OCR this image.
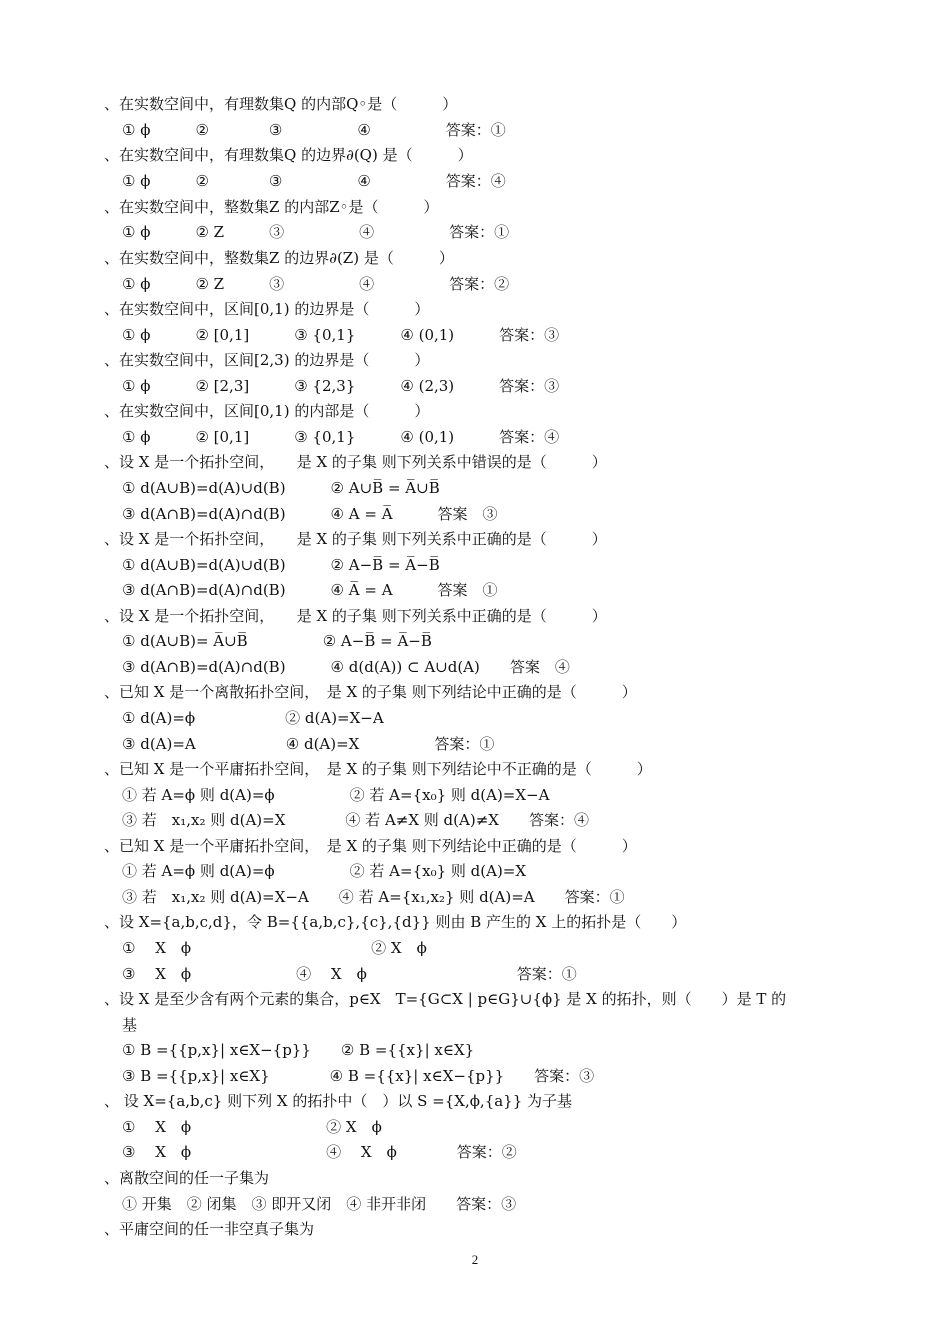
、在实数空间中，有理数集Q 的内部Q◦是（　　　）
① ϕ　　　②　　　　③　　　　　④　　　　　答案：①
、在实数空间中，有理数集Q 的边界∂(Q) 是（　　　）
① ϕ　　　②　　　　③　　　　　④　　　　　答案：④
、在实数空间中，整数集Z 的内部Z◦是（　　　）
① ϕ　　　② Z　　　③　　　　　④　　　　　答案：①
、在实数空间中，整数集Z 的边界∂(Z) 是（　　　）
① ϕ　　　② Z　　　③　　　　　④　　　　　答案：②
、在实数空间中，区间[0,1) 的边界是（　　　）
① ϕ　　　② [0,1]　　　③ {0,1}　　　④ (0,1)　　　答案：③
、在实数空间中，区间[2,3) 的边界是（　　　）
① ϕ　　　② [2,3]　　　③ {2,3}　　　④ (2,3)　　　答案：③
、在实数空间中，区间[0,1) 的内部是（　　　）
① ϕ　　　② [0,1]　　　③ {0,1}　　　④ (0,1)　　　答案：④
、设 X 是一个拓扑空间，　　是 X 的子集 则下列关系中错误的是（　　　）
① d(A∪B)=d(A)∪d(B)　　　② A∪B̅ = A̅∪B̅
③ d(A∩B)=d(A)∩d(B)　　　④ A = A̅　　　答案　③
、设 X 是一个拓扑空间，　　是 X 的子集 则下列关系中正确的是（　　　）
① d(A∪B)=d(A)∪d(B)　　　② A−B̅ = A̅−B̅
③ d(A∩B)=d(A)∩d(B)　　　④ A̅ = A　　　答案　①
、设 X 是一个拓扑空间，　　是 X 的子集 则下列关系中正确的是（　　　）
① d(A∪B)= A̅∪B̅　　　　　② A−B̅ = A̅−B̅
③ d(A∩B)=d(A)∩d(B)　　　④ d(d(A)) ⊂ A∪d(A)　　答案　④
、已知 X 是一个离散拓扑空间，　是 X 的子集 则下列结论中正确的是（　　　）
① d(A)=ϕ　　　　　　② d(A)=X−A
③ d(A)=A　　　　　　④ d(A)=X　　　　　答案：①
、已知 X 是一个平庸拓扑空间，　是 X 的子集 则下列结论中不正确的是（　　　）
① 若 A=ϕ 则 d(A)=ϕ　　　　　② 若 A={x₀} 则 d(A)=X−A
③ 若　x₁,x₂ 则 d(A)=X　　　　④ 若 A≠X 则 d(A)≠X　　答案：④
、已知 X 是一个平庸拓扑空间，　是 X 的子集 则下列结论中正确的是（　　　）
① 若 A=ϕ 则 d(A)=ϕ　　　　　② 若 A={x₀} 则 d(A)=X
③ 若　x₁,x₂ 则 d(A)=X−A　　④ 若 A={x₁,x₂} 则 d(A)=A　　答案：①
、设 X={a,b,c,d}，令 B={{a,b,c},{c},{d}} 则由 B 产生的 X 上的拓扑是（　　）
①　 X　ϕ　　　　　　　　　　　　② X　ϕ
③　 X　ϕ　　　　　　　④　 X　ϕ　　　　　　　　　　答案：①
、设 X 是至少含有两个元素的集合，p∈X　T={G⊂X | p∈G}∪{ϕ} 是 X 的拓扑，则（　　）是 T 的
基
① B ={{p,x}| x∈X−{p}}　　② B ={{x}| x∈X}
③ B ={{p,x}| x∈X}　　　　④ B ={{x}| x∈X−{p}}　　答案：③
、 设 X={a,b,c} 则下列 X 的拓扑中（　）以 S ={X,ϕ,{a}} 为子基
①　 X　ϕ　　　　　　　　　② X　ϕ
③　 X　ϕ　　　　　　　　　④　 X　ϕ　　　　答案：②
、离散空间的任一子集为
① 开集　② 闭集　③ 即开又闭　④ 非开非闭　　答案：③
、平庸空间的任一非空真子集为
2
